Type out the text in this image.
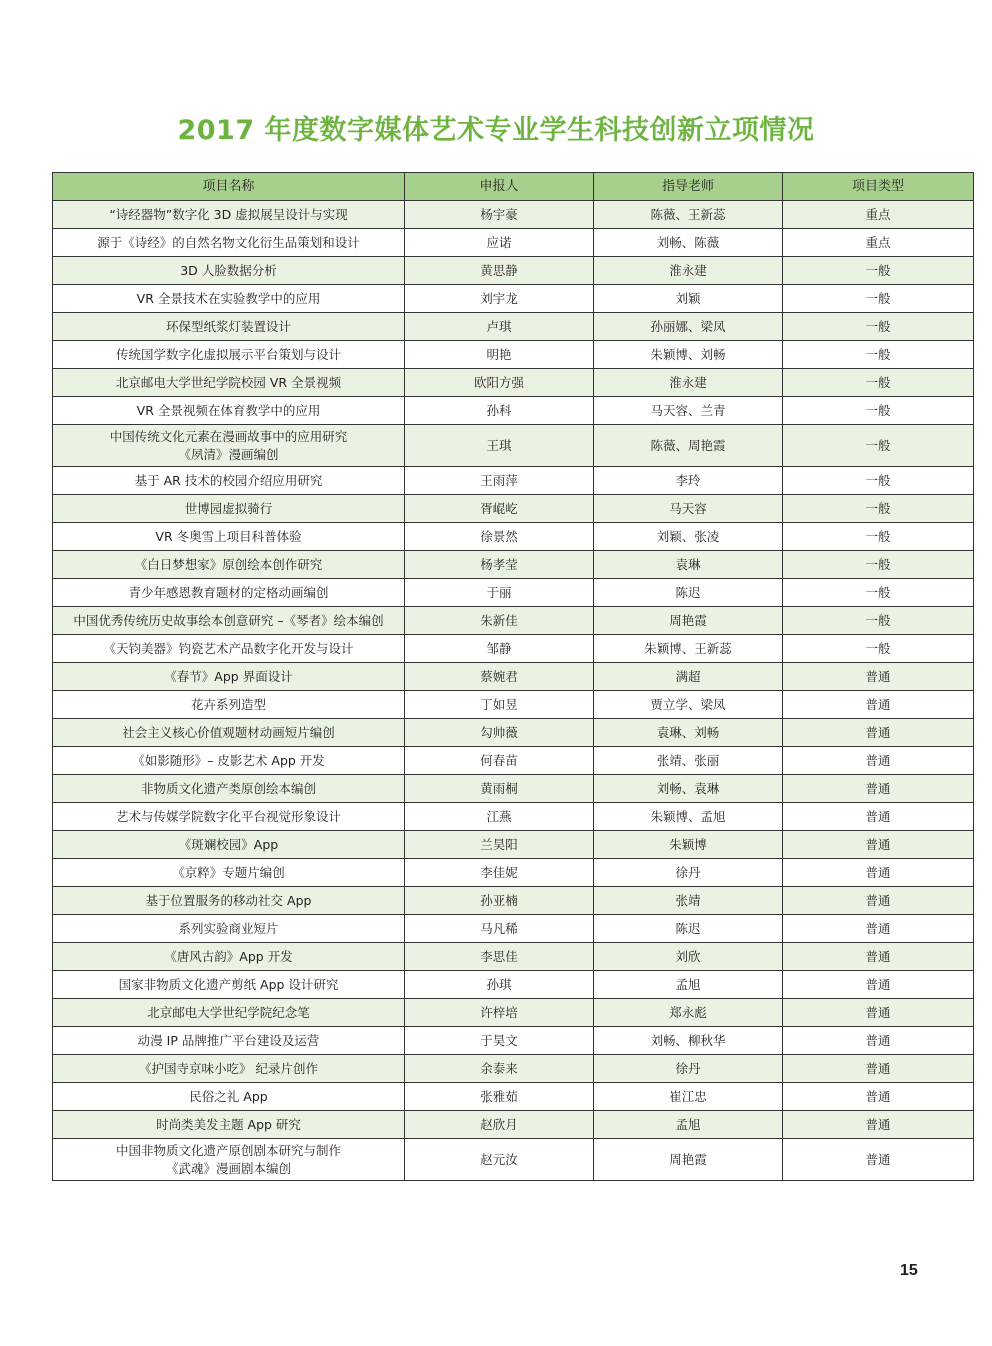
2017 年度数字媒体艺术专业学生科技创新立项情况
项目名称	申报人	指导老师	项目类型

“诗经器物”数字化 3D 虚拟展呈设计与实现	杨宇豪	陈薇、王新蕊	重点

源于《诗经》的自然名物文化衍生品策划和设计	应诺	刘畅、陈薇	重点

3D 人脸数据分析	黄思静	淮永建	一般

VR 全景技术在实验教学中的应用	刘宇龙	刘颖	一般

环保型纸浆灯装置设计	卢琪	孙丽娜、梁凤	一般

传统国学数字化虚拟展示平台策划与设计	明艳	朱颖博、刘畅	一般

北京邮电大学世纪学院校园 VR 全景视频	欧阳方强	淮永建	一般

VR 全景视频在体育教学中的应用	孙科	马天容、兰青	一般

中国传统文化元素在漫画故事中的应用研究
《夙清》漫画编创	王琪	陈薇、周艳霞	一般

基于 AR 技术的校园介绍应用研究	王雨萍	李玲	一般

世博园虚拟骑行	胥崐屹	马天容	一般

VR 冬奥雪上项目科普体验	徐景然	刘颖、张凌	一般

《白日梦想家》原创绘本创作研究	杨孝莹	袁琳	一般

青少年感恩教育题材的定格动画编创	于丽	陈迟	一般

中国优秀传统历史故事绘本创意研究 –《琴者》绘本编创	朱新佳	周艳霞	一般

《天钧美器》钧瓷艺术产品数字化开发与设计	邹静	朱颖博、王新蕊	一般

《春节》App 界面设计	蔡婉君	满超	普通

花卉系列造型	丁如昱	贾立学、梁凤	普通

社会主义核心价值观题材动画短片编创	勾帅薇	袁琳、刘畅	普通

《如影随形》– 皮影艺术 App 开发	何春苗	张靖、张丽	普通

非物质文化遗产类原创绘本编创	黄雨桐	刘畅、袁琳	普通

艺术与传媒学院数字化平台视觉形象设计	江燕	朱颖博、孟旭	普通

《斑斓校园》App	兰昊阳	朱颖博	普通

《京粹》专题片编创	李佳妮	徐丹	普通

基于位置服务的移动社交 App	孙亚楠	张靖	普通

系列实验商业短片	马凡稀	陈迟	普通

《唐风古韵》App 开发	李思佳	刘欣	普通

国家非物质文化遗产剪纸 App 设计研究	孙琪	孟旭	普通

北京邮电大学世纪学院纪念笔	许梓培	郑永彪	普通

动漫 IP 品牌推广平台建设及运营	于昊文	刘畅、柳秋华	普通

《护国寺京味小吃》 纪录片创作	余泰来	徐丹	普通

民俗之礼 App	张雅茹	崔江忠	普通

时尚类美发主题 App 研究	赵欣月	孟旭	普通

中国非物质文化遗产原创剧本研究与制作
《武魂》漫画剧本编创	赵元汝	周艳霞	普通
15
